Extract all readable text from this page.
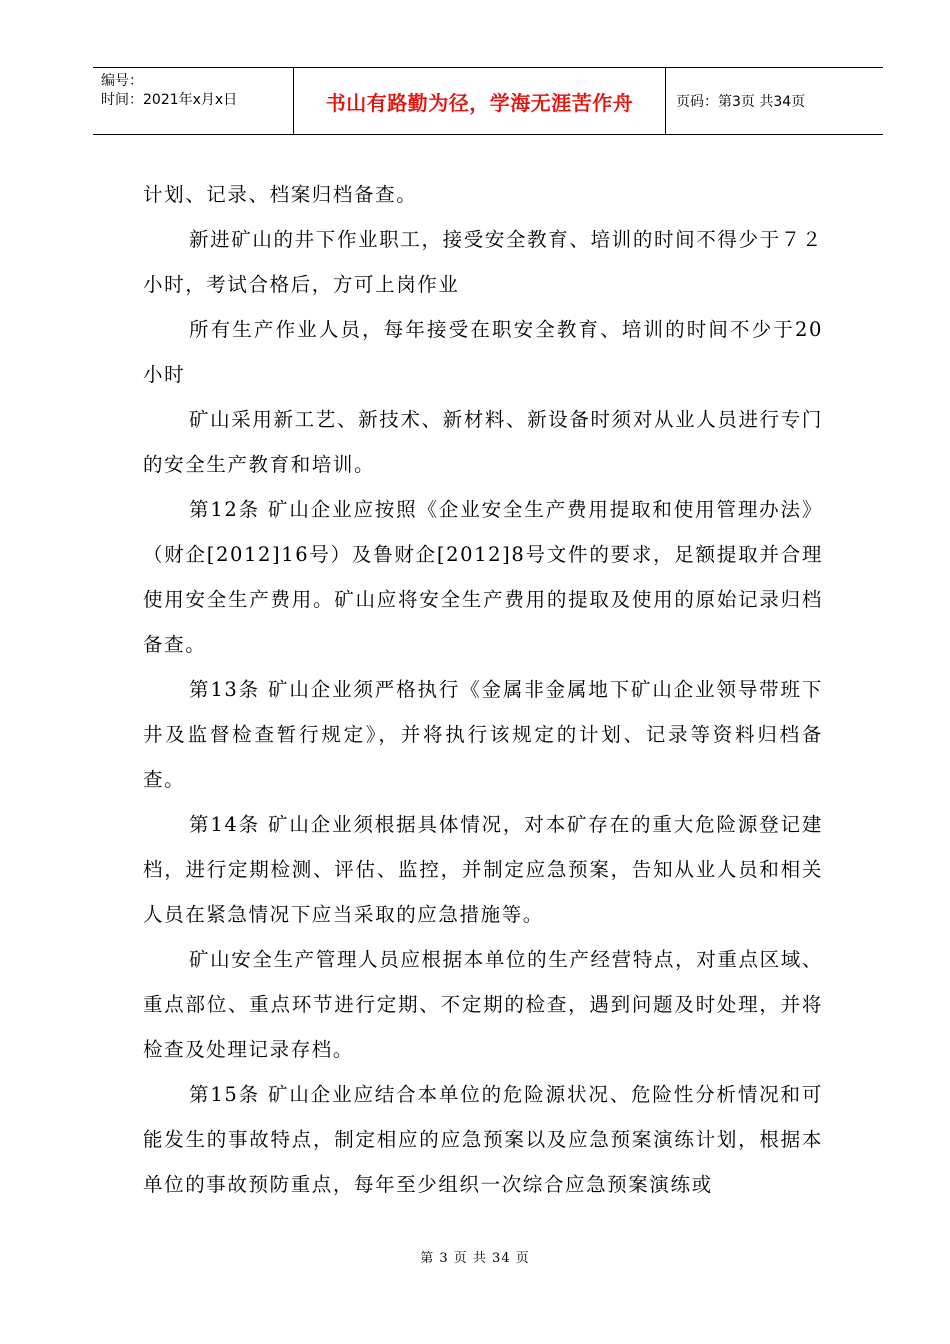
编号：
时间：2021年x月x日	书山有路勤为径，学海无涯苦作舟	页码：第3页 共34页

计划、记录、档案归档备查。

新进矿山的井下作业职工，接受安全教育、培训的时间不得少于７２小时，考试合格后，方可上岗作业

所有生产作业人员，每年接受在职安全教育、培训的时间不少于20小时

矿山采用新工艺、新技术、新材料、新设备时须对从业人员进行专门的安全生产教育和培训。

第12条 矿山企业应按照《企业安全生产费用提取和使用管理办法》（财企[2012]16号）及鲁财企[2012]8号文件的要求，足额提取并合理使用安全生产费用。矿山应将安全生产费用的提取及使用的原始记录归档备查。

第13条 矿山企业须严格执行《金属非金属地下矿山企业领导带班下井及监督检查暂行规定》，并将执行该规定的计划、记录等资料归档备查。

第14条 矿山企业须根据具体情况，对本矿存在的重大危险源登记建档，进行定期检测、评估、监控，并制定应急预案，告知从业人员和相关人员在紧急情况下应当采取的应急措施等。

矿山安全生产管理人员应根据本单位的生产经营特点，对重点区域、重点部位、重点环节进行定期、不定期的检查，遇到问题及时处理，并将检查及处理记录存档。

第15条 矿山企业应结合本单位的危险源状况、危险性分析情况和可能发生的事故特点，制定相应的应急预案以及应急预案演练计划，根据本单位的事故预防重点，每年至少组织一次综合应急预案演练或

第 3 页 共 34 页
